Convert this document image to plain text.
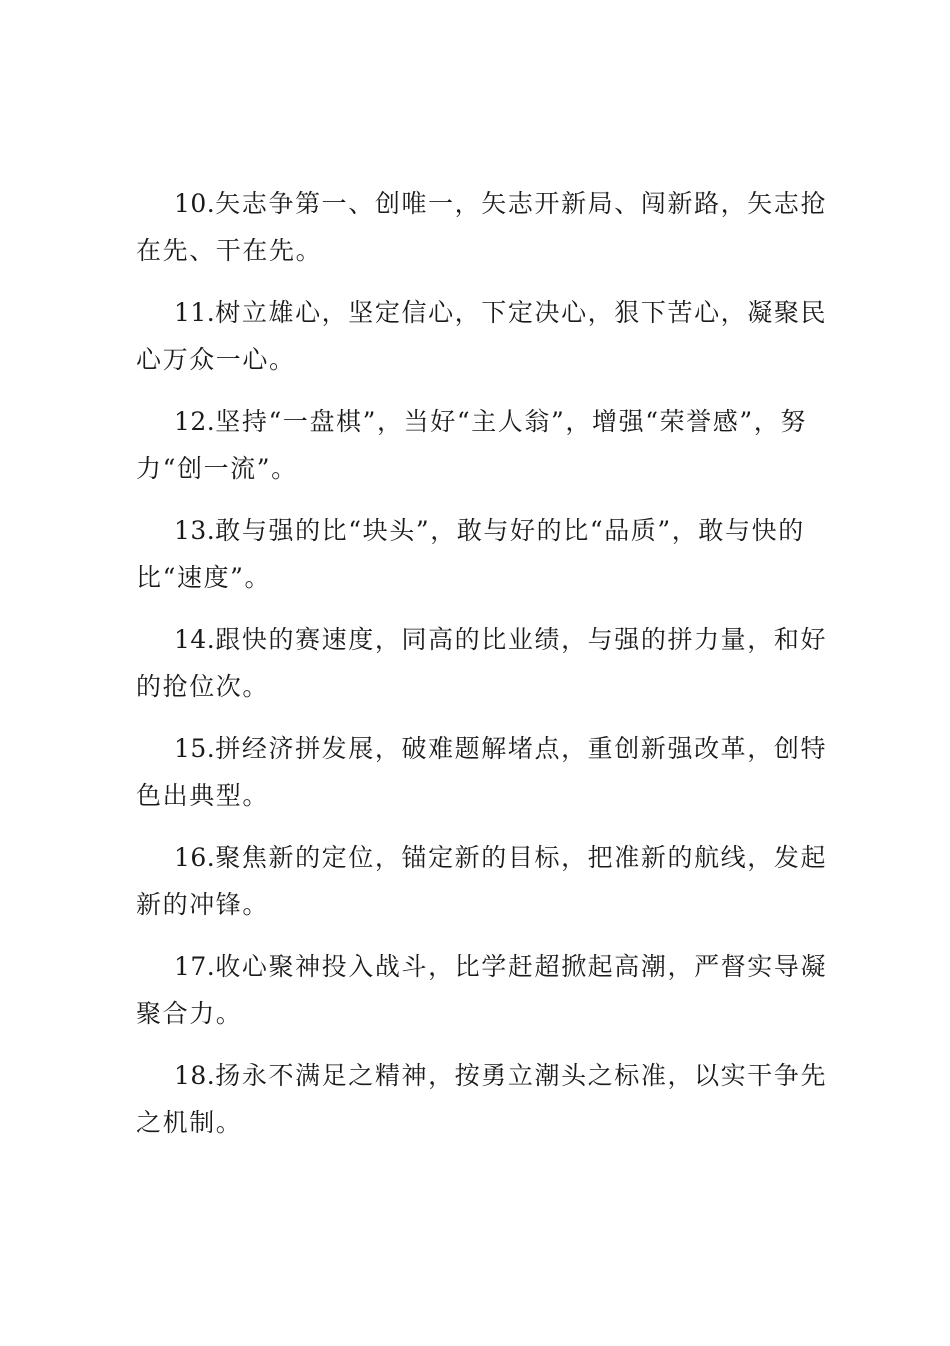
10.矢志争第一、创唯一，矢志开新局、闯新路，矢志抢在先、干在先。

11.树立雄心，坚定信心，下定决心，狠下苦心，凝聚民心万众一心。

12.坚持“一盘棋”，当好“主人翁”，增强“荣誉感”，努力“创一流”。

13.敢与强的比“块头”，敢与好的比“品质”，敢与快的比“速度”。

14.跟快的赛速度，同高的比业绩，与强的拼力量，和好的抢位次。

15.拼经济拼发展，破难题解堵点，重创新强改革，创特色出典型。

16.聚焦新的定位，锚定新的目标，把准新的航线，发起新的冲锋。

17.收心聚神投入战斗，比学赶超掀起高潮，严督实导凝聚合力。

18.扬永不满足之精神，按勇立潮头之标准，以实干争先之机制。
